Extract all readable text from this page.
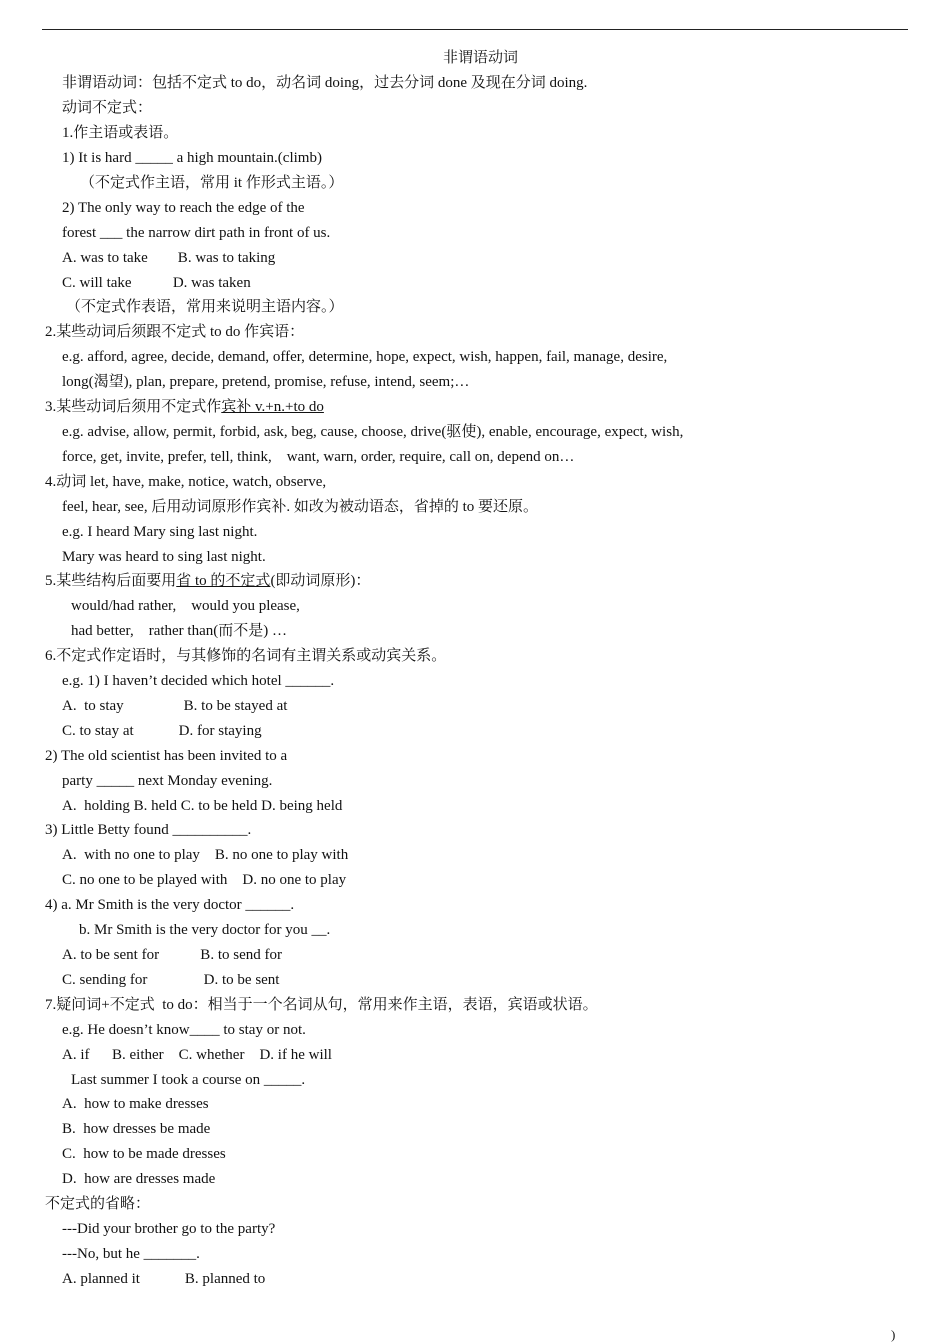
非谓语动词
非谓语动词：包括不定式 to do，动名词 doing，过去分词 done 及现在分词 doing.
动词不定式：
1.作主语或表语。
1) It is hard _____ a high mountain.(climb)
（不定式作主语，常用 it 作形式主语。）
2) The only way to reach the edge of the
forest ___ the narrow dirt path in front of us.
A. was to take        B. was to taking
C. will take           D. was taken
（不定式作表语，常用来说明主语内容。）
2.某些动词后须跟不定式 to do 作宾语：
e.g. afford, agree, decide, demand, offer, determine, hope, expect, wish, happen, fail, manage, desire,
long(渴望), plan, prepare, pretend, promise, refuse, intend, seem;…
3.某些动词后须用不定式作宾补 v.+n.+to do
e.g. advise, allow, permit, forbid, ask, beg, cause, choose, drive(驱使), enable, encourage, expect, wish,
force, get, invite, prefer, tell, think,    want, warn, order, require, call on, depend on…
4.动词 let, have, make, notice, watch, observe,
feel, hear, see, 后用动词原形作宾补. 如改为被动语态，省掉的 to 要还原。
e.g. I heard Mary sing last night.
Mary was heard to sing last night.
5.某些结构后面要用省 to 的不定式(即动词原形)：
would/had rather,    would you please,
had better,    rather than(而不是) …
6.不定式作定语时，与其修饰的名词有主谓关系或动宾关系。
e.g. 1) I haven’t decided which hotel ______.
A.  to stay                B. to be stayed at
C. to stay at            D. for staying
2) The old scientist has been invited to a
party _____ next Monday evening.
A.  holding B. held C. to be held D. being held
3) Little Betty found __________.
A.  with no one to play    B. no one to play with
C. no one to be played with    D. no one to play
4) a. Mr Smith is the very doctor ______.
b. Mr Smith is the very doctor for you __.
A. to be sent for           B. to send for
C. sending for               D. to be sent
7.疑问词+不定式  to do：相当于一个名词从句，常用来作主语，表语，宾语或状语。
e.g. He doesn’t know____ to stay or not.
A. if      B. either    C. whether    D. if he will
Last summer I took a course on _____.
A.  how to make dresses
B.  how dresses be made
C.  how to be made dresses
D.  how are dresses made
不定式的省略：
---Did your brother go to the party?
---No, but he _______.
A. planned it            B. planned to
)
